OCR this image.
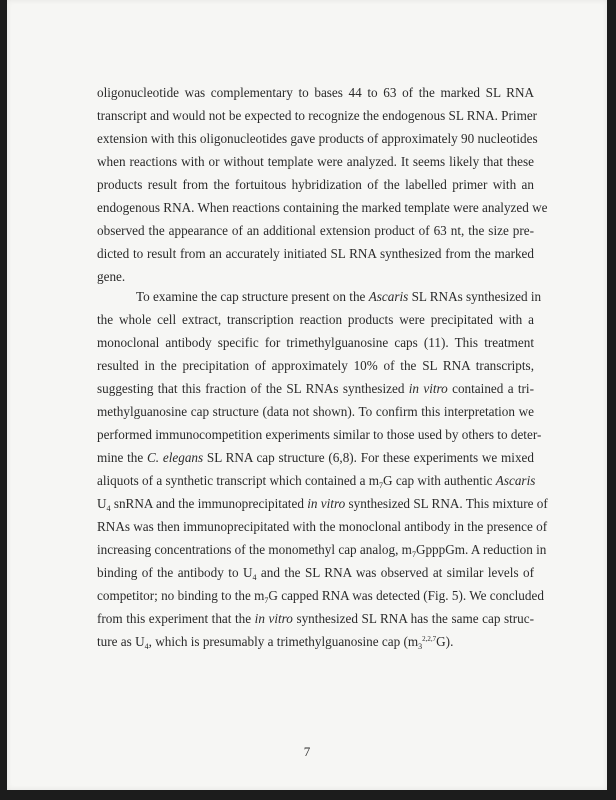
oligonucleotide was complementary to bases 44 to 63 of the marked SL RNA
transcript and would not be expected to recognize the endogenous SL RNA. Primer
extension with this oligonucleotides gave products of approximately 90 nucleotides
when reactions with or without template were analyzed. It seems likely that these
products result from the fortuitous hybridization of the labelled primer with an
endogenous RNA. When reactions containing the marked template were analyzed we
observed the appearance of an additional extension product of 63 nt, the size pre-
dicted to result from an accurately initiated SL RNA synthesized from the marked
gene.
To examine the cap structure present on the Ascaris SL RNAs synthesized in
the whole cell extract, transcription reaction products were precipitated with a
monoclonal antibody specific for trimethylguanosine caps (11). This treatment
resulted in the precipitation of approximately 10% of the SL RNA transcripts,
suggesting that this fraction of the SL RNAs synthesized in vitro contained a tri-
methylguanosine cap structure (data not shown). To confirm this interpretation we
performed immunocompetition experiments similar to those used by others to deter-
mine the C. elegans SL RNA cap structure (6,8). For these experiments we mixed
aliquots of a synthetic transcript which contained a $m_7G$ cap with authentic Ascaris
$U_4$ snRNA and the immunoprecipitated in vitro synthesized SL RNA. This mixture of
RNAs was then immunoprecipitated with the monoclonal antibody in the presence of
increasing concentrations of the monomethyl cap analog, $m_7GpppGm$. A reduction in
binding of the antibody to $U_4$ and the SL RNA was observed at similar levels of
competitor; no binding to the $m_7G$ capped RNA was detected (Fig. 5). We concluded
from this experiment that the in vitro synthesized SL RNA has the same cap struc-
ture as $U_4$, which is presumably a trimethylguanosine cap $(m_3^{2,2,7}G)$.
7
